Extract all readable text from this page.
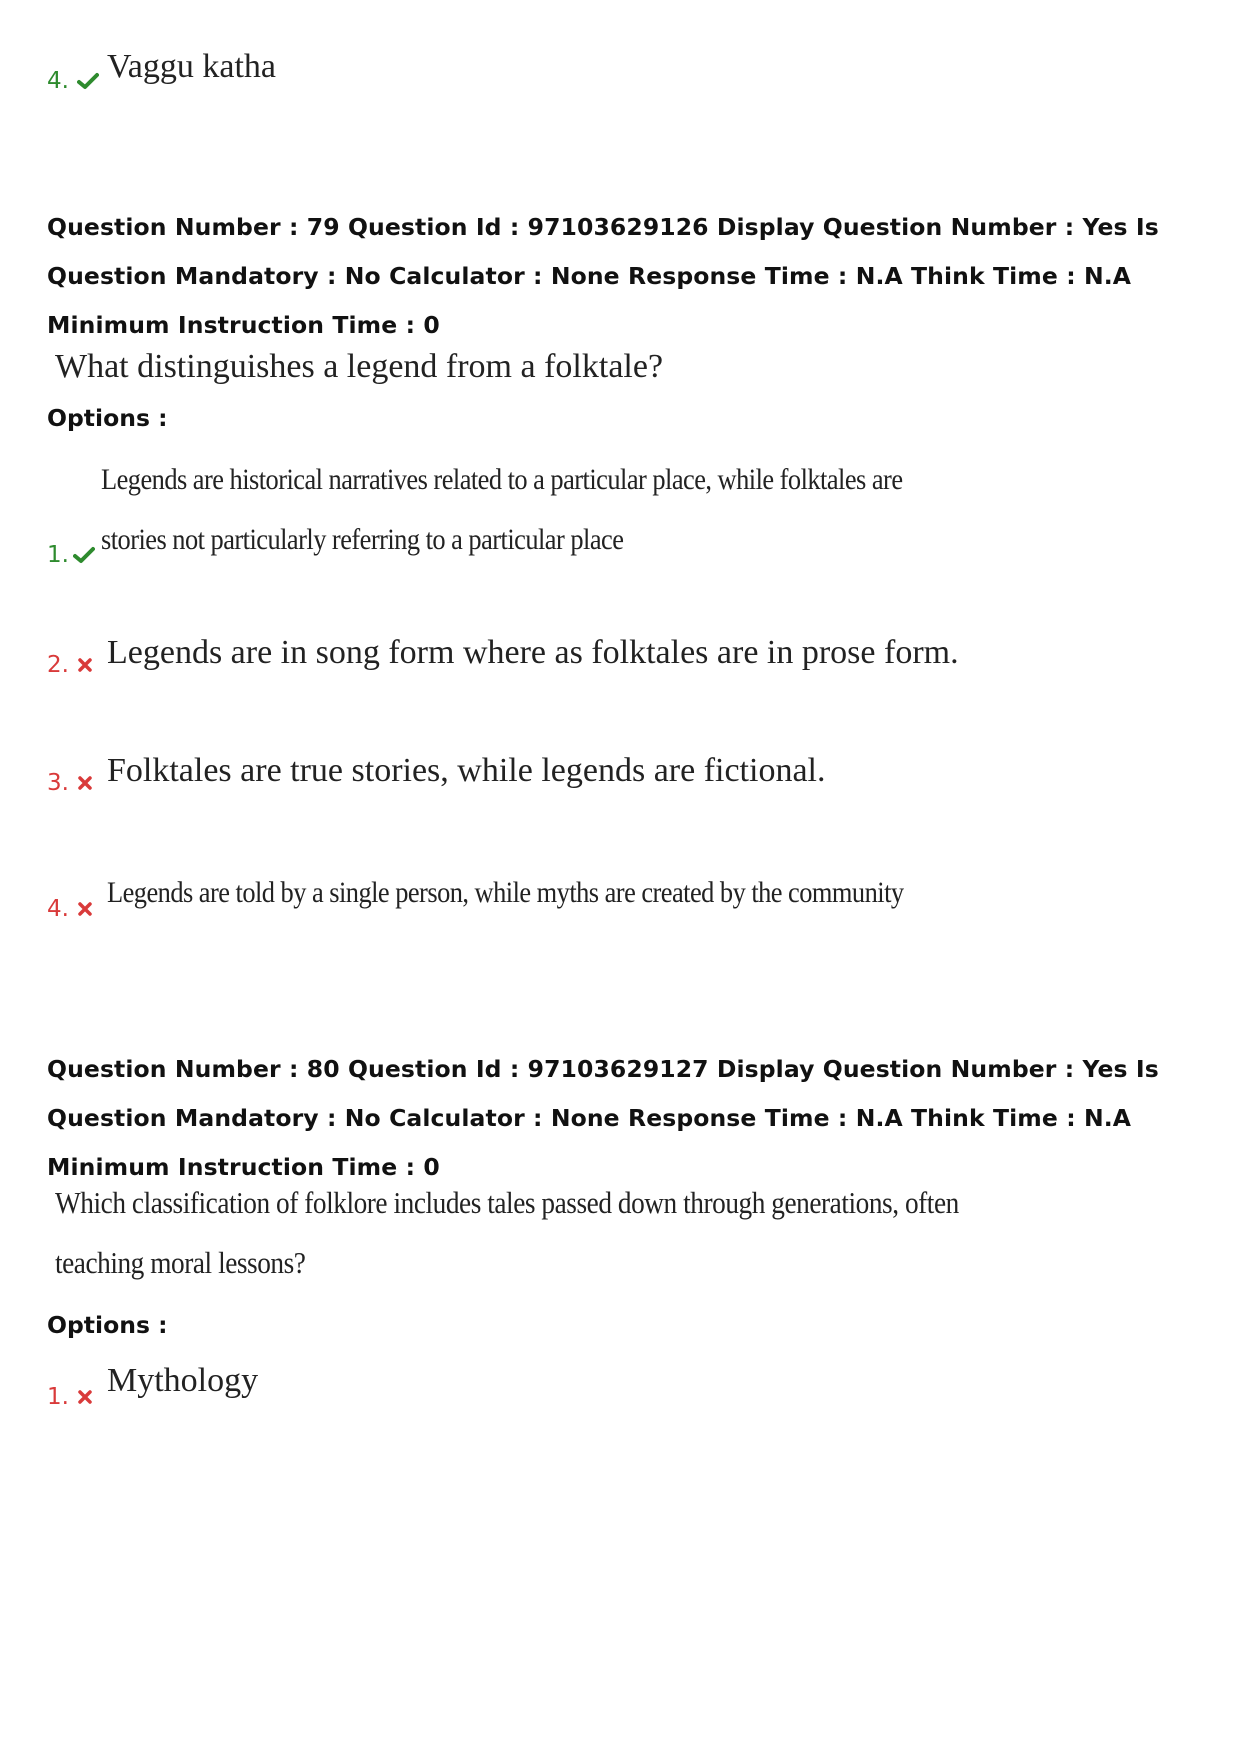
4. Vaggu katha
Question Number : 79 Question Id : 97103629126 Display Question Number : Yes Is Question Mandatory : No Calculator : None Response Time : N.A Think Time : N.A Minimum Instruction Time : 0
What distinguishes a legend from a folktale?
Options :
1.
Legends are historical narratives related to a particular place, while folktales are
stories not particularly referring to a particular place
2. Legends are in song form where as folktales are in prose form.
3. Folktales are true stories, while legends are fictional.
4. Legends are told by a single person, while myths are created by the community
Question Number : 80 Question Id : 97103629127 Display Question Number : Yes Is Question Mandatory : No Calculator : None Response Time : N.A Think Time : N.A Minimum Instruction Time : 0
Which classification of folklore includes tales passed down through generations, often
teaching moral lessons?
Options :
1. Mythology
